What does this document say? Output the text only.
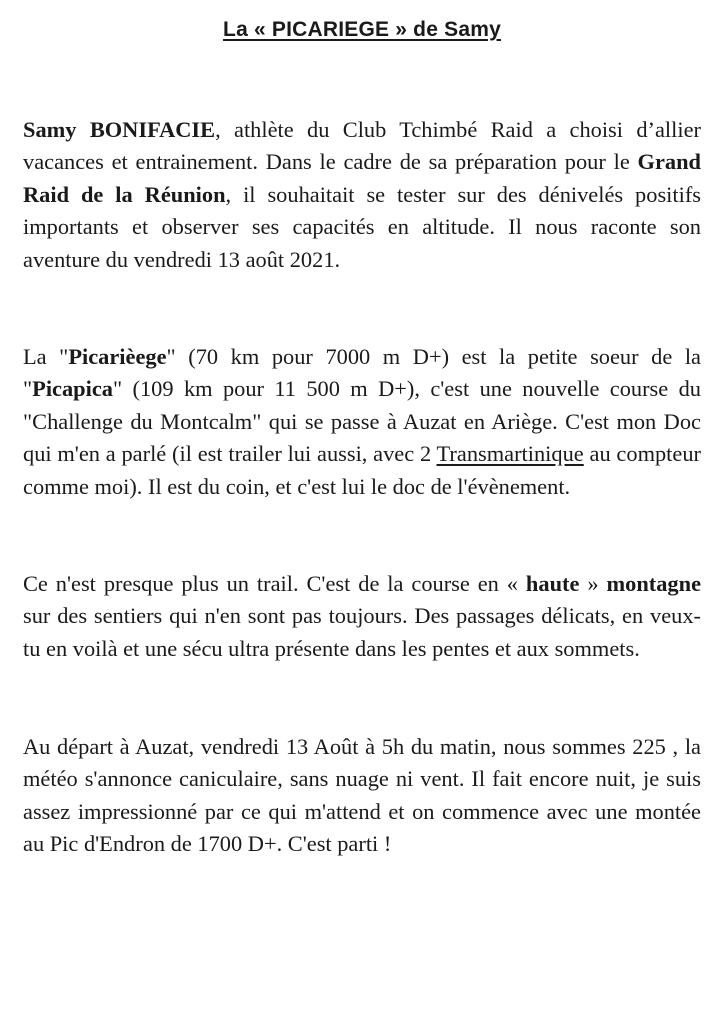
La « PICARIEGE » de Samy

Samy BONIFACIE, athlète du Club Tchimbé Raid a choisi d’allier vacances et entrainement. Dans le cadre de sa préparation pour le Grand Raid de la Réunion, il souhaitait se tester sur des dénivelés positifs importants et observer ses capacités en altitude. Il nous raconte son aventure du vendredi 13 août 2021.

La "Picarièege" (70 km pour 7000 m D+) est la petite soeur de la "Picapica" (109 km pour 11 500 m D+), c'est une nouvelle course du "Challenge du Montcalm" qui se passe à Auzat en Ariège. C'est mon Doc qui m'en a parlé (il est trailer lui aussi, avec 2 Transmartinique au compteur comme moi). Il est du coin, et c'est lui le doc de l'évènement.

Ce n'est presque plus un trail. C'est de la course en « haute » montagne sur des sentiers qui n'en sont pas toujours. Des passages délicats, en veux-tu en voilà et une sécu ultra présente dans les pentes et aux sommets.

Au départ à Auzat, vendredi 13 Août à 5h du matin, nous sommes 225 , la météo s'annonce caniculaire, sans nuage ni vent. Il fait encore nuit, je suis assez impressionné par ce qui m'attend et on commence avec une montée au Pic d'Endron de 1700 D+. C'est parti !
